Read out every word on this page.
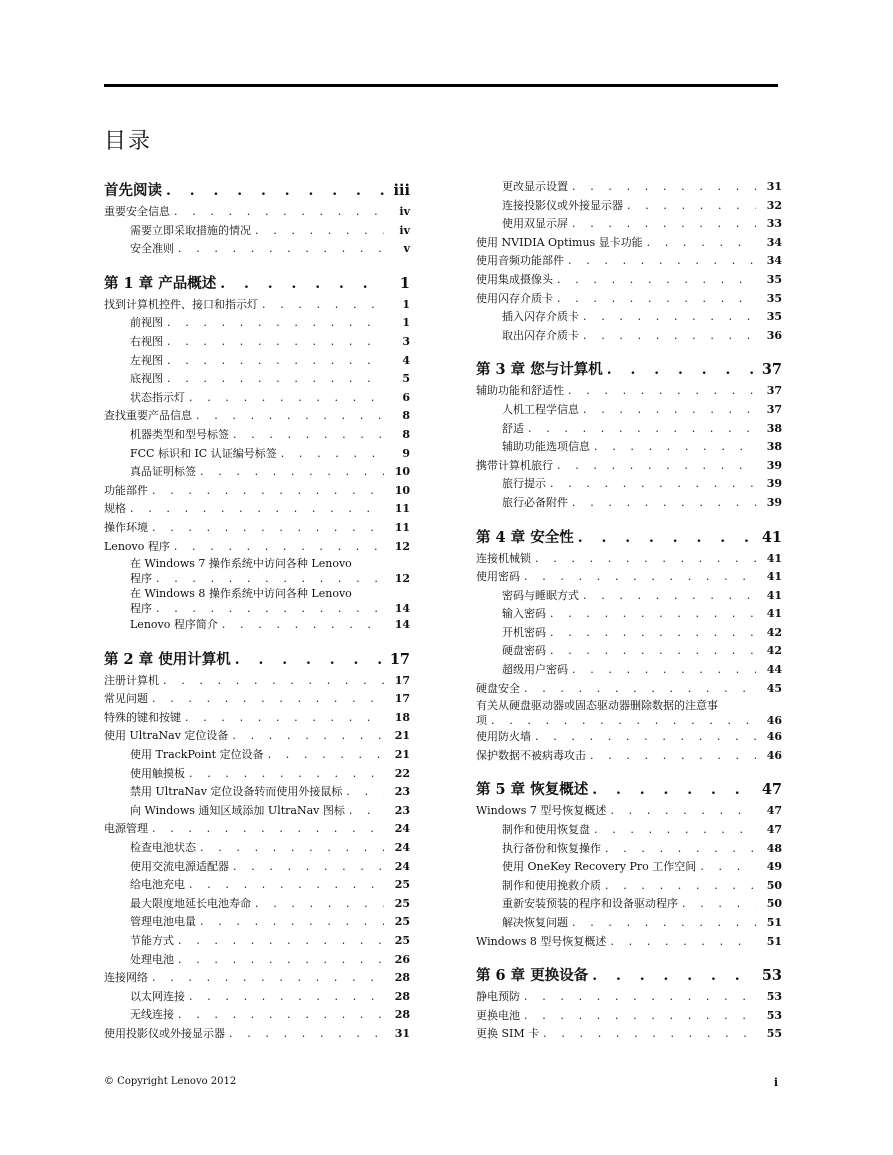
目录
首先阅读 . . .	iii
重要安全信息 . . .	iv
需要立即采取措施的情况 . . .	iv
安全准则 . . .	v
第 1 章 产品概述 . . .	1
找到计算机控件、接口和指示灯 . . .	1
前视图 . . .	1
右视图 . . .	3
左视图 . . .	4
底视图 . . .	5
状态指示灯 . . .	6
查找重要产品信息 . . .	8
机器类型和型号标签 . . .	8
FCC 标识和 IC 认证编号标签 . . .	9
真品证明标签 . . .	10
功能部件 . . .	10
规格 . . .	11
操作环境 . . .	11
Lenovo 程序 . . .	12
在 Windows 7 操作系统中访问各种 Lenovo
程序 . . .	12
在 Windows 8 操作系统中访问各种 Lenovo
程序 . . .	14
Lenovo 程序简介 . . .	14
第 2 章 使用计算机 . . .	17
注册计算机 . . .	17
常见问题 . . .	17
特殊的键和按键 . . .	18
使用 UltraNav 定位设备 . . .	21
使用 TrackPoint 定位设备 . . .	21
使用触摸板 . . .	22
禁用 UltraNav 定位设备转而使用外接鼠标 . . .	23
向 Windows 通知区域添加 UltraNav 图标 . . .	23
电源管理 . . .	24
检查电池状态 . . .	24
使用交流电源适配器 . . .	24
给电池充电 . . .	25
最大限度地延长电池寿命 . . .	25
管理电池电量 . . .	25
节能方式 . . .	25
处理电池 . . .	26
连接网络 . . .	28
以太网连接 . . .	28
无线连接 . . .	28
使用投影仪或外接显示器 . . .	31
更改显示设置 . . .	31
连接投影仪或外接显示器 . . .	32
使用双显示屏 . . .	33
使用 NVIDIA Optimus 显卡功能 . . .	34
使用音频功能部件 . . .	34
使用集成摄像头 . . .	35
使用闪存介质卡 . . .	35
插入闪存介质卡 . . .	35
取出闪存介质卡 . . .	36
第 3 章 您与计算机 . . .	37
辅助功能和舒适性 . . .	37
人机工程学信息 . . .	37
舒适 . . .	38
辅助功能选项信息 . . .	38
携带计算机旅行 . . .	39
旅行提示 . . .	39
旅行必备附件 . . .	39
第 4 章 安全性 . . .	41
连接机械锁 . . .	41
使用密码 . . .	41
密码与睡眠方式 . . .	41
输入密码 . . .	41
开机密码 . . .	42
硬盘密码 . . .	42
超级用户密码 . . .	44
硬盘安全 . . .	45
有关从硬盘驱动器或固态驱动器删除数据的注意事
项 . . .	46
使用防火墙 . . .	46
保护数据不被病毒攻击 . . .	46
第 5 章 恢复概述 . . .	47
Windows 7 型号恢复概述 . . .	47
制作和使用恢复盘 . . .	47
执行备份和恢复操作 . . .	48
使用 OneKey Recovery Pro 工作空间 . . .	49
制作和使用挽救介质 . . .	50
重新安装预装的程序和设备驱动程序 . . .	50
解决恢复问题 . . .	51
Windows 8 型号恢复概述 . . .	51
第 6 章 更换设备 . . .	53
静电预防 . . .	53
更换电池 . . .	53
更换 SIM 卡 . . .	55
© Copyright Lenovo 2012	i
